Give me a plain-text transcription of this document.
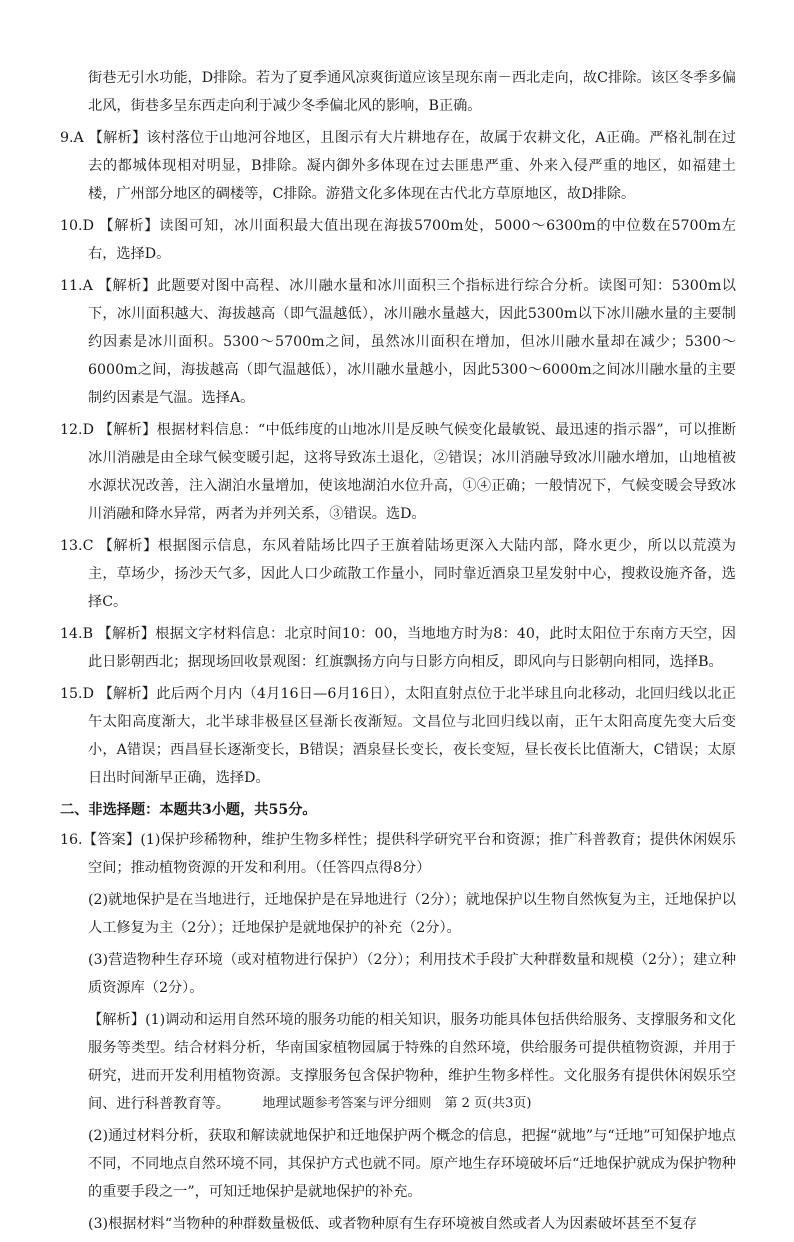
街巷无引水功能，D排除。若为了夏季通风凉爽街道应该呈现东南－西北走向，故C排除。该区冬季多偏北风，街巷多呈东西走向利于减少冬季偏北风的影响，B正确。

9.A 【解析】该村落位于山地河谷地区，且图示有大片耕地存在，故属于农耕文化，A正确。严格礼制在过去的都城体现相对明显，B排除。凝内御外多体现在过去匪患严重、外来入侵严重的地区，如福建土楼，广州部分地区的碉楼等，C排除。游猎文化多体现在古代北方草原地区，故D排除。

10.D 【解析】读图可知，冰川面积最大值出现在海拔5700m处，5000～6300m的中位数在5700m左右，选择D。

11.A 【解析】此题要对图中高程、冰川融水量和冰川面积三个指标进行综合分析。读图可知：5300m以下，冰川面积越大、海拔越高（即气温越低），冰川融水量越大，因此5300m以下冰川融水量的主要制约因素是冰川面积。5300～5700m之间，虽然冰川面积在增加，但冰川融水量却在减少；5300～6000m之间，海拔越高（即气温越低），冰川融水量越小，因此5300～6000m之间冰川融水量的主要制约因素是气温。选择A。

12.D 【解析】根据材料信息：“中低纬度的山地冰川是反映气候变化最敏锐、最迅速的指示器”，可以推断冰川消融是由全球气候变暖引起，这将导致冻土退化，②错误；冰川消融导致冰川融水增加，山地植被水源状况改善，注入湖泊水量增加，使该地湖泊水位升高，①④正确；一般情况下，气候变暖会导致冰川消融和降水异常，两者为并列关系，③错误。选D。

13.C 【解析】根据图示信息，东风着陆场比四子王旗着陆场更深入大陆内部，降水更少，所以以荒漠为主，草场少，扬沙天气多，因此人口少疏散工作量小，同时靠近酒泉卫星发射中心，搜救设施齐备，选择C。

14.B 【解析】根据文字材料信息：北京时间10：00，当地地方时为8：40，此时太阳位于东南方天空，因此日影朝西北；据现场回收景观图：红旗飘扬方向与日影方向相反，即风向与日影朝向相同，选择B。

15.D 【解析】此后两个月内（4月16日—6月16日），太阳直射点位于北半球且向北移动，北回归线以北正午太阳高度渐大，北半球非极昼区昼渐长夜渐短。文昌位与北回归线以南，正午太阳高度先变大后变小，A错误；西昌昼长逐渐变长，B错误；酒泉昼长变长，夜长变短，昼长夜长比值渐大，C错误；太原日出时间渐早正确，选择D。

二、非选择题：本题共3小题，共55分。

16.【答案】(1)保护珍稀物种，维护生物多样性；提供科学研究平台和资源；推广科普教育；提供休闲娱乐空间；推动植物资源的开发和利用。（任答四点得8分）

(2)就地保护是在当地进行，迁地保护是在异地进行（2分）；就地保护以生物自然恢复为主，迁地保护以人工修复为主（2分）；迁地保护是就地保护的补充（2分）。

(3)营造物种生存环境（或对植物进行保护）（2分）；利用技术手段扩大种群数量和规模（2分）；建立种质资源库（2分）。

【解析】(1)调动和运用自然环境的服务功能的相关知识，服务功能具体包括供给服务、支撑服务和文化服务等类型。结合材料分析，华南国家植物园属于特殊的自然环境，供给服务可提供植物资源，并用于研究，进而开发利用植物资源。支撑服务包含保护物种，维护生物多样性。文化服务有提供休闲娱乐空间、进行科普教育等。

(2)通过材料分析，获取和解读就地保护和迁地保护两个概念的信息，把握“就地”与“迁地”可知保护地点不同，不同地点自然环境不同，其保护方式也就不同。原产地生存环境破坏后“迁地保护就成为保护物种的重要手段之一”，可知迁地保护是就地保护的补充。

(3)根据材料“当物种的种群数量极低、或者物种原有生存环境被自然或者人为因素破坏甚至不复存

地理试题参考答案与评分细则　第 2 页(共3页)
